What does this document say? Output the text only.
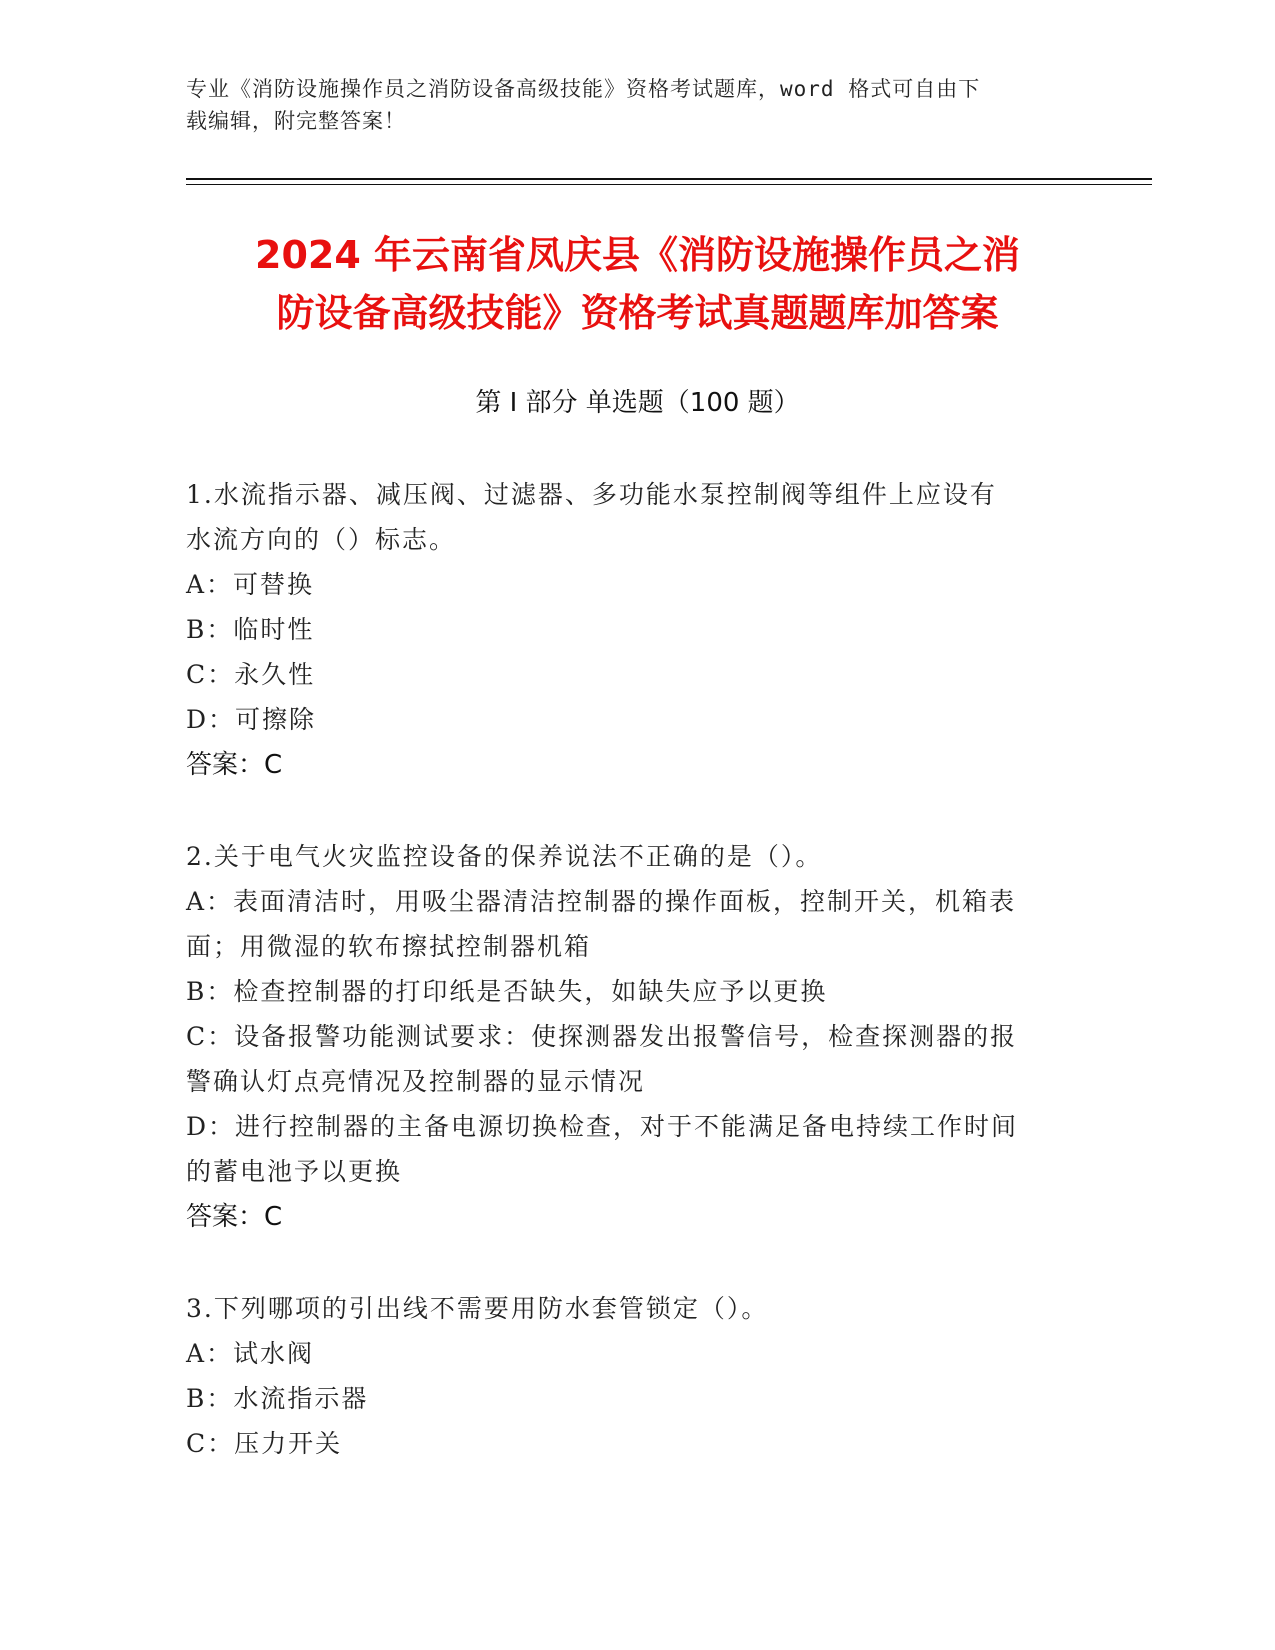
专业《消防设施操作员之消防设备高级技能》资格考试题库，word 格式可自由下
载编辑，附完整答案！
2024 年云南省凤庆县《消防设施操作员之消
防设备高级技能》资格考试真题题库加答案
第 I 部分 单选题（100 题）
1.水流指示器、减压阀、过滤器、多功能水泵控制阀等组件上应设有
水流方向的（）标志。
A：可替换
B：临时性
C：永久性
D：可擦除
答案：C
2.关于电气火灾监控设备的保养说法不正确的是（）。
A：表面清洁时，用吸尘器清洁控制器的操作面板，控制开关，机箱表
面；用微湿的软布擦拭控制器机箱
B：检查控制器的打印纸是否缺失，如缺失应予以更换
C：设备报警功能测试要求：使探测器发出报警信号，检查探测器的报
警确认灯点亮情况及控制器的显示情况
D：进行控制器的主备电源切换检查，对于不能满足备电持续工作时间
的蓄电池予以更换
答案：C
3.下列哪项的引出线不需要用防水套管锁定（）。
A：试水阀
B：水流指示器
C：压力开关
